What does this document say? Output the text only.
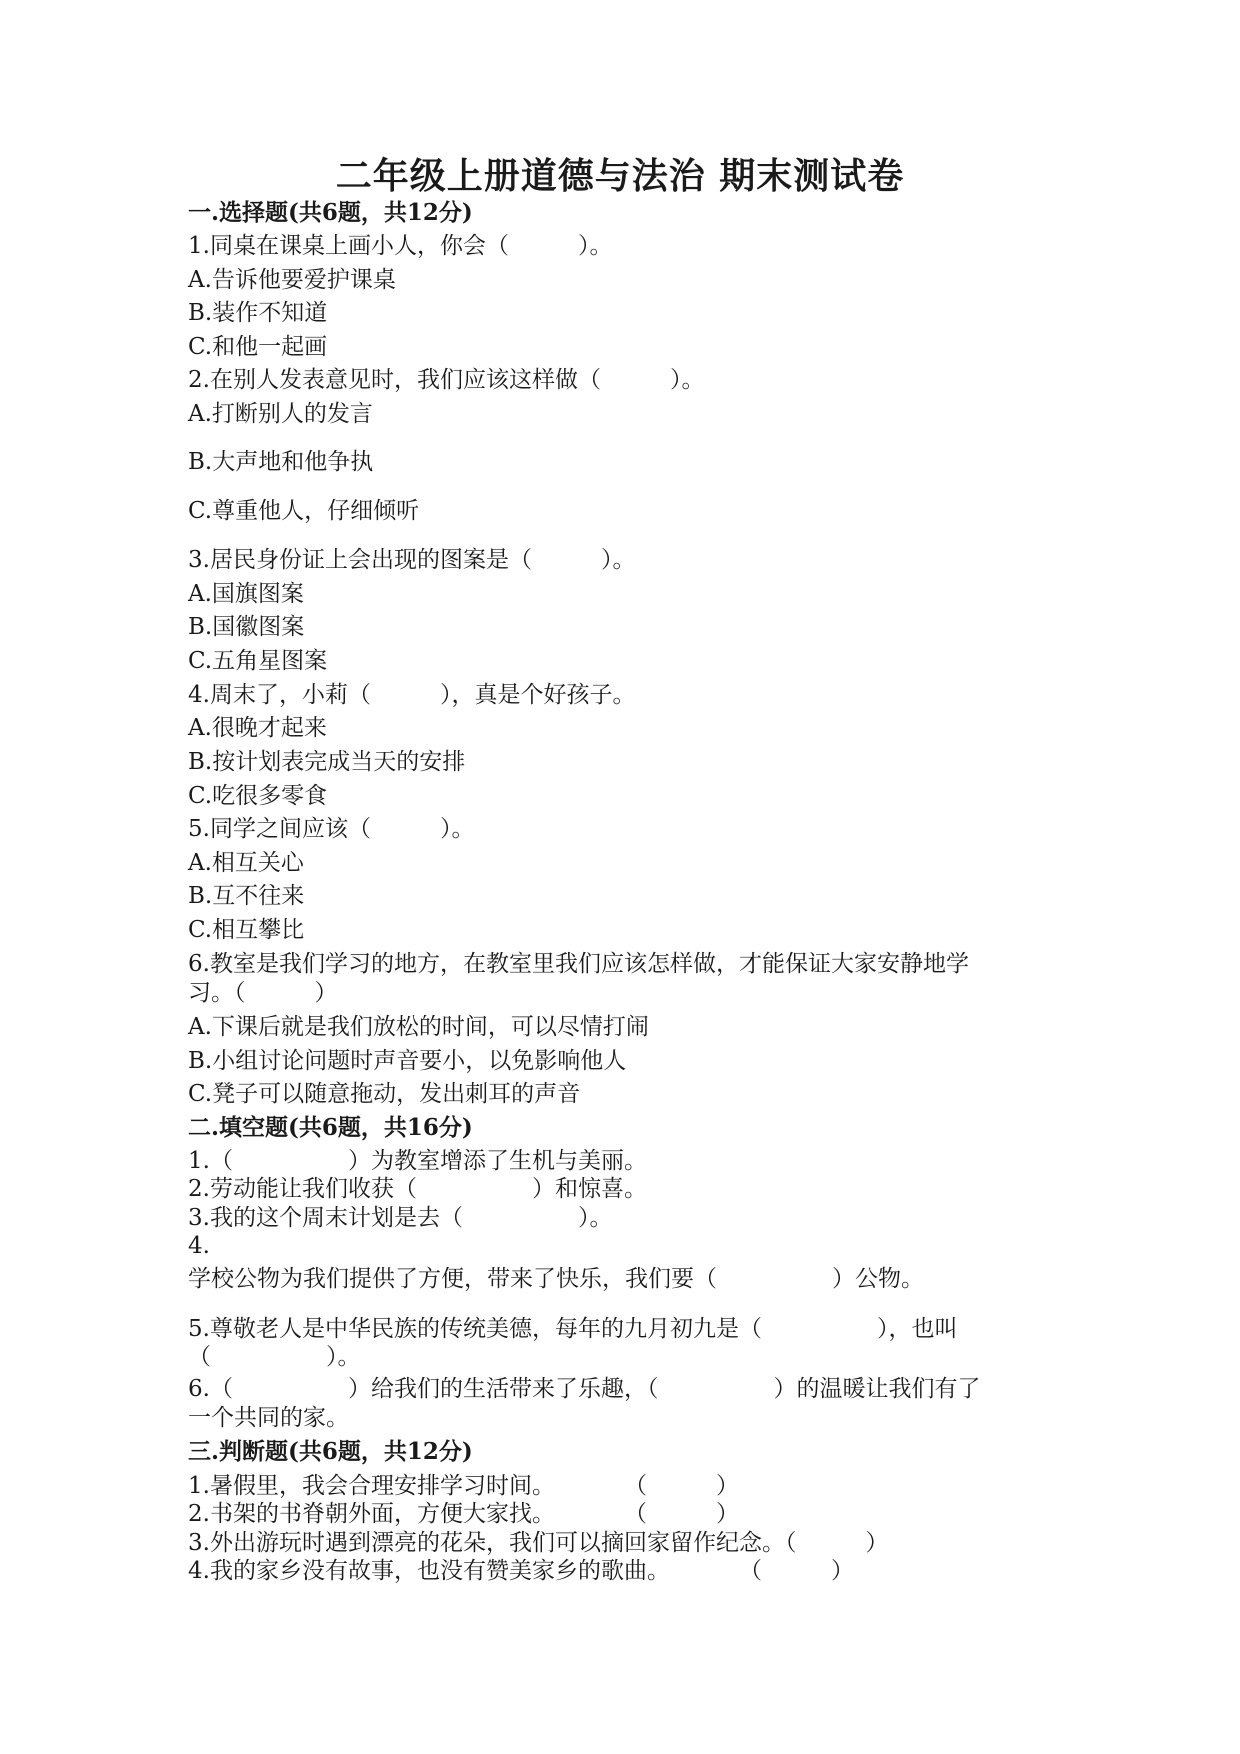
二年级上册道德与法治 期末测试卷
一.选择题(共6题，共12分)
1.同桌在课桌上画小人，你会（　　　）。
A.告诉他要爱护课桌
B.装作不知道
C.和他一起画
2.在别人发表意见时，我们应该这样做（　　　）。
A.打断别人的发言
B.大声地和他争执
C.尊重他人，仔细倾听
3.居民身份证上会出现的图案是（　　　）。
A.国旗图案
B.国徽图案
C.五角星图案
4.周末了，小莉（　　　），真是个好孩子。
A.很晚才起来
B.按计划表完成当天的安排
C.吃很多零食
5.同学之间应该（　　　）。
A.相互关心
B.互不往来
C.相互攀比
6.教室是我们学习的地方，在教室里我们应该怎样做，才能保证大家安静地学
习。（　　　）
A.下课后就是我们放松的时间，可以尽情打闹
B.小组讨论问题时声音要小，以免影响他人
C.凳子可以随意拖动，发出刺耳的声音
二.填空题(共6题，共16分)
1.（　　　　　）为教室增添了生机与美丽。
2.劳动能让我们收获（　　　　　）和惊喜。
3.我的这个周末计划是去（　　　　　）。
4.
学校公物为我们提供了方便，带来了快乐，我们要（　　　　　）公物。
5.尊敬老人是中华民族的传统美德，每年的九月初九是（　　　　　），也叫
（　　　　　）。
6.（　　　　　）给我们的生活带来了乐趣，（　　　　　）的温暖让我们有了
一个共同的家。
三.判断题(共6题，共12分)
1.暑假里，我会合理安排学习时间。　　　　（　　　）
2.书架的书脊朝外面，方便大家找。　　　　（　　　）
3.外出游玩时遇到漂亮的花朵，我们可以摘回家留作纪念。（　　　）
4.我的家乡没有故事，也没有赞美家乡的歌曲。　　　　（　　　）
